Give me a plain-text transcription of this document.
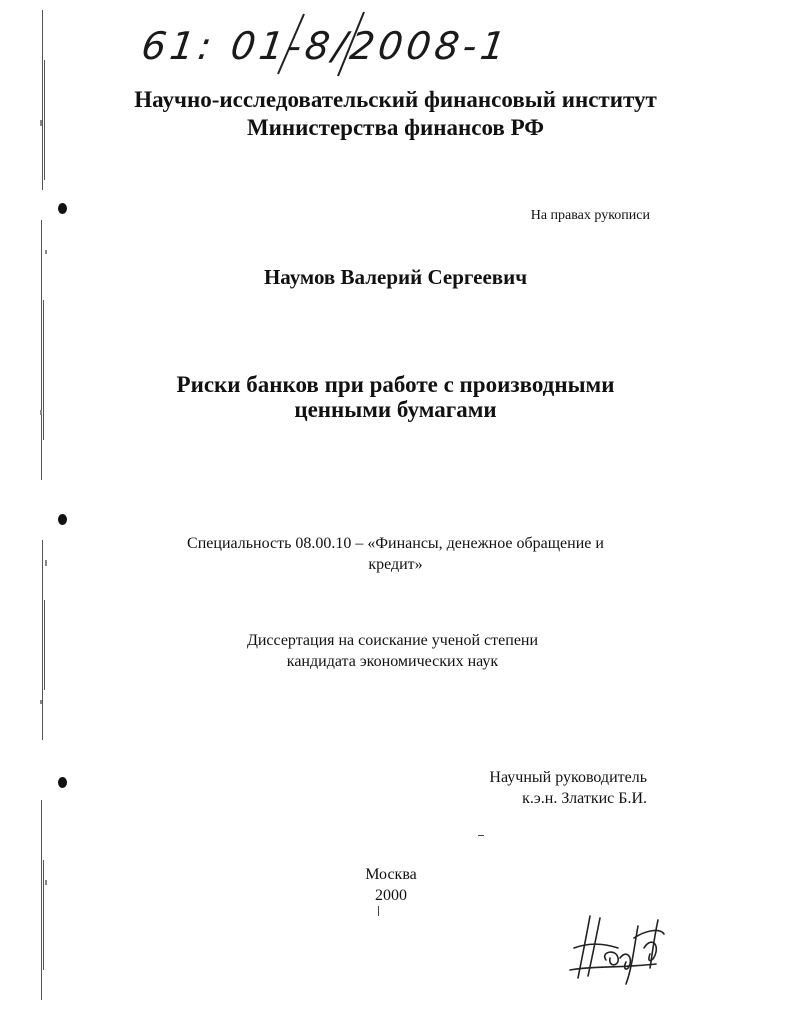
61: 01-8/2008-1
Научно-исследовательский финансовый институт
Министерства финансов РФ
На правах рукописи
Наумов Валерий Сергеевич
Риски банков при работе с производными
ценными бумагами
Специальность 08.00.10 – «Финансы, денежное обращение и
кредит»
Диссертация на соискание ученой степени
кандидата экономических наук
Научный руководитель
к.э.н. Златкис Б.И.
Москва
2000
